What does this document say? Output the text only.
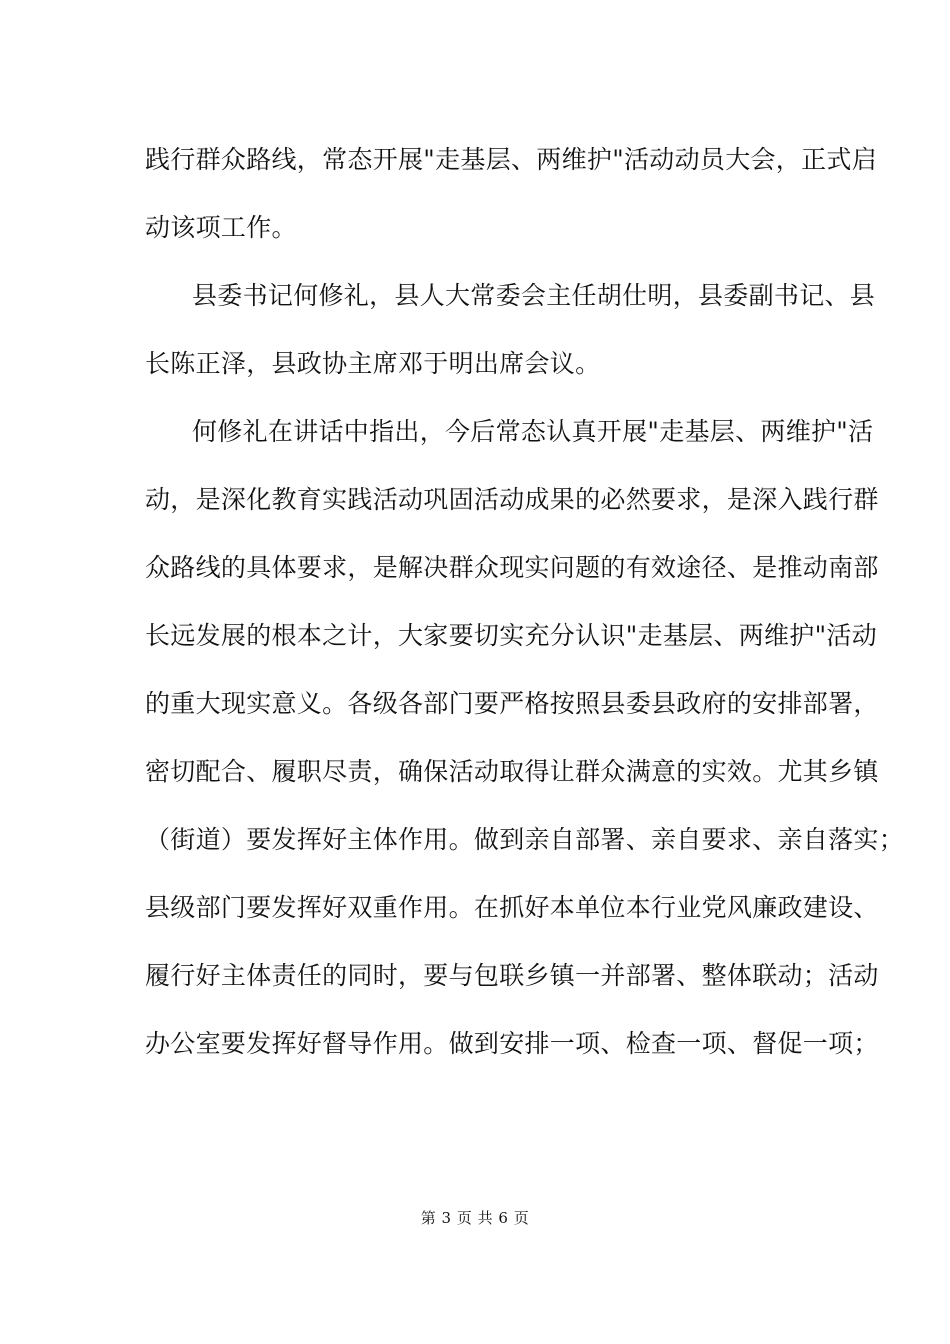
践行群众路线，常态开展"走基层、两维护"活动动员大会，正式启
动该项工作。
县委书记何修礼，县人大常委会主任胡仕明，县委副书记、县
长陈正泽，县政协主席邓于明出席会议。
何修礼在讲话中指出，今后常态认真开展"走基层、两维护"活
动，是深化教育实践活动巩固活动成果的必然要求，是深入践行群
众路线的具体要求，是解决群众现实问题的有效途径、是推动南部
长远发展的根本之计，大家要切实充分认识"走基层、两维护"活动
的重大现实意义。各级各部门要严格按照县委县政府的安排部署，
密切配合、履职尽责，确保活动取得让群众满意的实效。尤其乡镇
（街道）要发挥好主体作用。做到亲自部署、亲自要求、亲自落实；
县级部门要发挥好双重作用。在抓好本单位本行业党风廉政建设、
履行好主体责任的同时，要与包联乡镇一并部署、整体联动；活动
办公室要发挥好督导作用。做到安排一项、检查一项、督促一项；
第 3 页 共 6 页
